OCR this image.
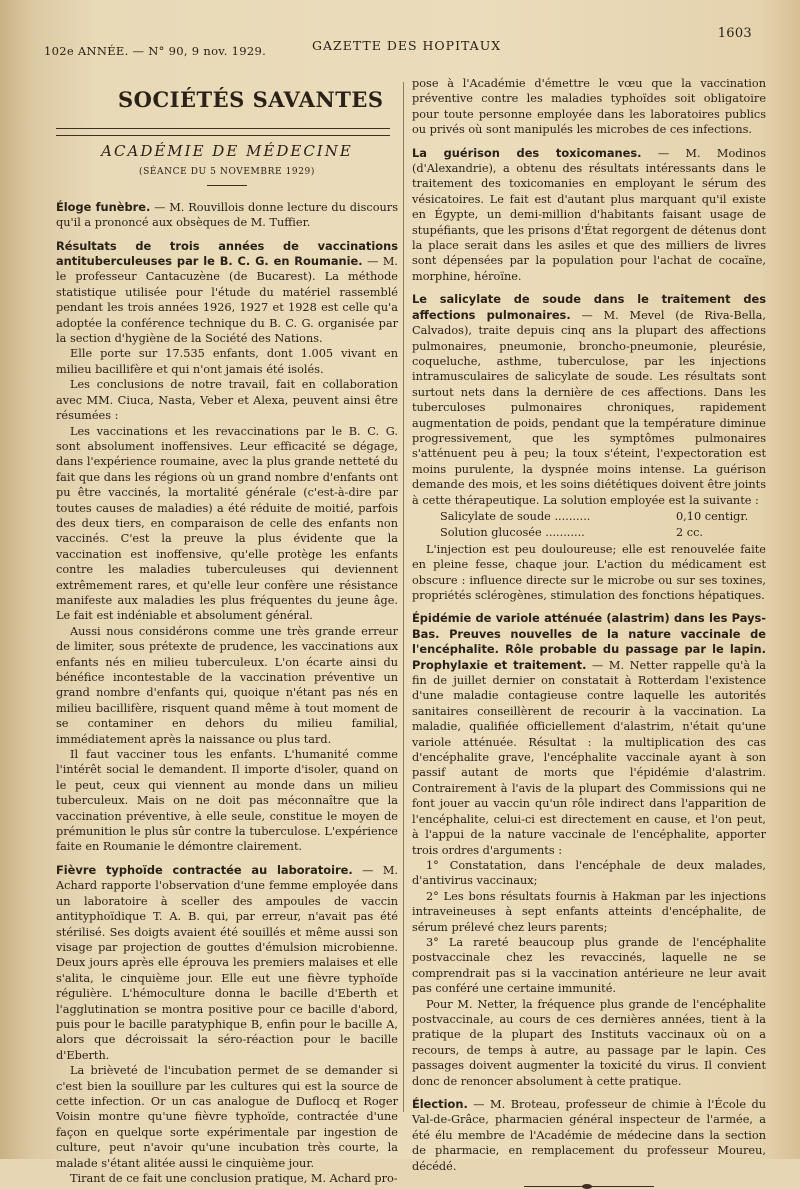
102e ANNÉE. — N° 90, 9 nov. 1929.	GAZETTE DES HOPITAUX
1603
SOCIÉTÉS SAVANTES
ACADÉMIE DE MÉDECINE
(SÉANCE DU 5 NOVEMBRE 1929)

Éloge funèbre. — M. Rouvillois donne lecture du discours qu'il a prononcé aux obsèques de M. Tuffier.

Résultats de trois années de vaccinations antituberculeuses par le B. C. G. en Roumanie. — M. le professeur Cantacuzène (de Bucarest). La méthode statistique utilisée pour l'étude du matériel rassemblé pendant les trois années 1926, 1927 et 1928 est celle qu'a adoptée la conférence technique du B. C. G. organisée par la section d'hygiène de la Société des Nations.

Elle porte sur 17.535 enfants, dont 1.005 vivant en milieu bacillifère et qui n'ont jamais été isolés.

Les conclusions de notre travail, fait en collaboration avec MM. Ciuca, Nasta, Veber et Alexa, peuvent ainsi être résumées :

Les vaccinations et les revaccinations par le B. C. G. sont absolument inoffensives. Leur efficacité se dégage, dans l'expérience roumaine, avec la plus grande netteté du fait que dans les régions où un grand nombre d'enfants ont pu être vaccinés, la mortalité générale (c'est-à-dire par toutes causes de maladies) a été réduite de moitié, parfois des deux tiers, en comparaison de celle des enfants non vaccinés. C'est la preuve la plus évidente que la vaccination est inoffensive, qu'elle protège les enfants contre les maladies tuberculeuses qui deviennent extrêmement rares, et qu'elle leur confère une résistance manifeste aux maladies les plus fréquentes du jeune âge. Le fait est indéniable et absolument général.

Aussi nous considérons comme une très grande erreur de limiter, sous prétexte de prudence, les vaccinations aux enfants nés en milieu tuberculeux. L'on écarte ainsi du bénéfice incontestable de la vaccination préventive un grand nombre d'enfants qui, quoique n'étant pas nés en milieu bacillifère, risquent quand même à tout moment de se contaminer en dehors du milieu familial, immédiatement après la naissance ou plus tard.

Il faut vacciner tous les enfants. L'humanité comme l'intérêt social le demandent. Il importe d'isoler, quand on le peut, ceux qui viennent au monde dans un milieu tuberculeux. Mais on ne doit pas méconnaître que la vaccination préventive, à elle seule, constitue le moyen de prémunition le plus sûr contre la tuberculose. L'expérience faite en Roumanie le démontre clairement.

Fièvre typhoïde contractée au laboratoire. — M. Achard rapporte l'observation d'une femme employée dans un laboratoire à sceller des ampoules de vaccin antityphoïdique T. A. B. qui, par erreur, n'avait pas été stérilisé. Ses doigts avaient été souillés et même aussi son visage par projection de gouttes d'émulsion microbienne. Deux jours après elle éprouva les premiers malaises et elle s'alita, le cinquième jour. Elle eut une fièvre typhoïde régulière. L'hémoculture donna le bacille d'Eberth et l'agglutination se montra positive pour ce bacille d'abord, puis pour le bacille paratyphique B, enfin pour le bacille A, alors que décroissait la séro-réaction pour le bacille d'Eberth.

La brièveté de l'incubation permet de se demander si c'est bien la souillure par les cultures qui est la source de cette infection. Or un cas analogue de Duflocq et Roger Voisin montre qu'une fièvre typhoïde, contractée d'une façon en quelque sorte expérimentale par ingestion de culture, peut n'avoir qu'une incubation très courte, la malade s'étant alitée aussi le cinquième jour.

Tirant de ce fait une conclusion pratique, M. Achard pro-

pose à l'Académie d'émettre le vœu que la vaccination préventive contre les maladies typhoïdes soit obligatoire pour toute personne employée dans les laboratoires publics ou privés où sont manipulés les microbes de ces infections.

La guérison des toxicomanes. — M. Modinos (d'Alexandrie), a obtenu des résultats intéressants dans le traitement des toxicomanies en employant le sérum des vésicatoires. Le fait est d'autant plus marquant qu'il existe en Égypte, un demi-million d'habitants faisant usage de stupéfiants, que les prisons d'État regorgent de détenus dont la place serait dans les asiles et que des milliers de livres sont dépensées par la population pour l'achat de cocaïne, morphine, héroïne.

Le salicylate de soude dans le traitement des affections pulmonaires. — M. Mevel (de Riva-Bella, Calvados), traite depuis cinq ans la plupart des affections pulmonaires, pneumonie, broncho-pneumonie, pleurésie, coqueluche, asthme, tuberculose, par les injections intramusculaires de salicylate de soude. Les résultats sont surtout nets dans la dernière de ces affections. Dans les tuberculoses pulmonaires chroniques, rapidement augmentation de poids, pendant que la température diminue progressivement, que les symptômes pulmonaires s'atténuent peu à peu; la toux s'éteint, l'expectoration est moins purulente, la dyspnée moins intense. La guérison demande des mois, et les soins diététiques doivent être joints à cette thérapeutique. La solution employée est la suivante :

0,10 centigr.
Salicylate de soude ..........
2 cc.
Solution glucosée ...........

L'injection est peu douloureuse; elle est renouvelée faite en pleine fesse, chaque jour. L'action du médicament est obscure : influence directe sur le microbe ou sur ses toxines, propriétés sclérogènes, stimulation des fonctions hépatiques.

Épidémie de variole atténuée (alastrim) dans les Pays-Bas. Preuves nouvelles de la nature vaccinale de l'encéphalite. Rôle probable du passage par le lapin. Prophylaxie et traitement. — M. Netter rappelle qu'à la fin de juillet dernier on constatait à Rotterdam l'existence d'une maladie contagieuse contre laquelle les autorités sanitaires conseillèrent de recourir à la vaccination. La maladie, qualifiée officiellement d'alastrim, n'était qu'une variole atténuée. Résultat : la multiplication des cas d'encéphalite grave, l'encéphalite vaccinale ayant à son passif autant de morts que l'épidémie d'alastrim. Contrairement à l'avis de la plupart des Commissions qui ne font jouer au vaccin qu'un rôle indirect dans l'apparition de l'encéphalite, celui-ci est directement en cause, et l'on peut, à l'appui de la nature vaccinale de l'encéphalite, apporter trois ordres d'arguments :

1° Constatation, dans l'encéphale de deux malades, d'antivirus vaccinaux;

2° Les bons résultats fournis à Hakman par les injections intraveineuses à sept enfants atteints d'encéphalite, de sérum prélevé chez leurs parents;

3° La rareté beaucoup plus grande de l'encéphalite postvaccinale chez les revaccinés, laquelle ne se comprendrait pas si la vaccination antérieure ne leur avait pas conféré une certaine immunité.

Pour M. Netter, la fréquence plus grande de l'encéphalite postvaccinale, au cours de ces dernières années, tient à la pratique de la plupart des Instituts vaccinaux où on a recours, de temps à autre, au passage par le lapin. Ces passages doivent augmenter la toxicité du virus. Il convient donc de renoncer absolument à cette pratique.

Élection. — M. Broteau, professeur de chimie à l'École du Val-de-Grâce, pharmacien général inspecteur de l'armée, a été élu membre de l'Académie de médecine dans la section de pharmacie, en remplacement du professeur Moureu, décédé.
